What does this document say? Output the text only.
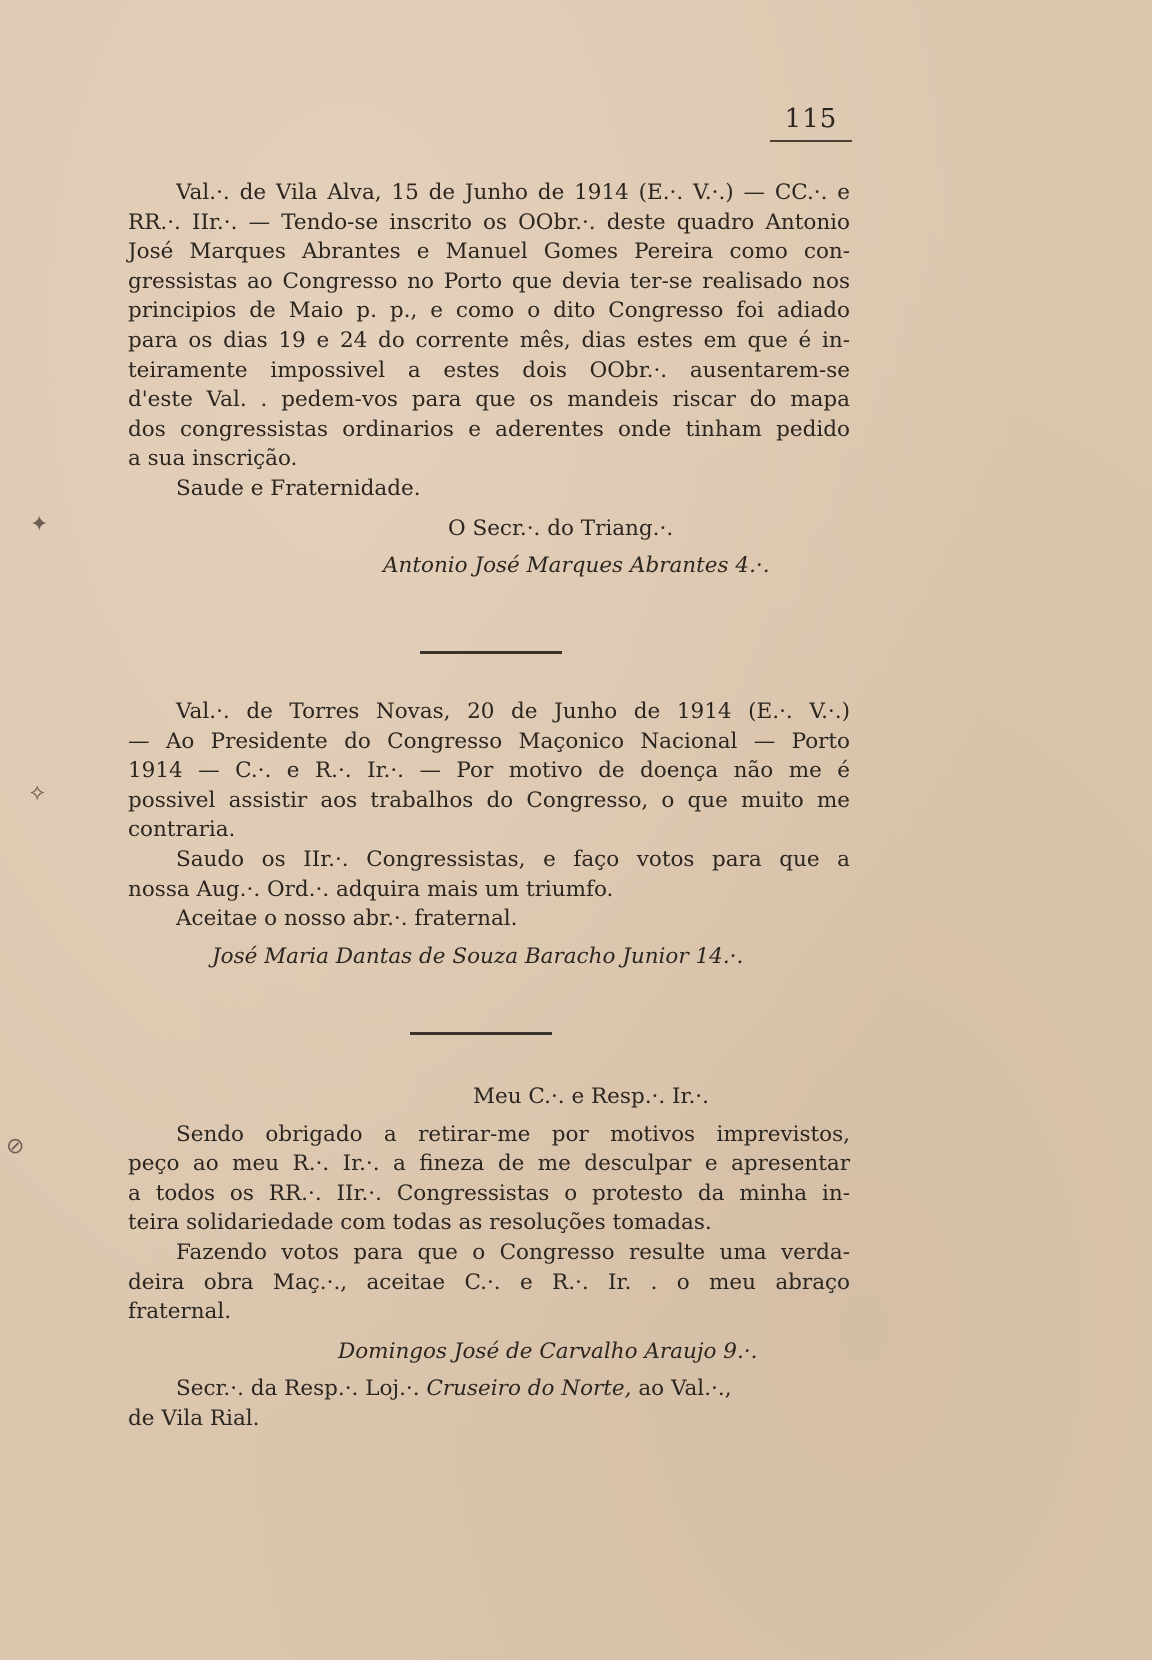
115
Val.·. de Vila Alva, 15 de Junho de 1914 (E.·. V.·.) — CC.·. e
RR.·. IIr.·. — Tendo-se inscrito os OObr.·. deste quadro Antonio
José Marques Abrantes e Manuel Gomes Pereira como con-
gressistas ao Congresso no Porto que devia ter-se realisado nos
principios de Maio p. p., e como o dito Congresso foi adiado
para os dias 19 e 24 do corrente mês, dias estes em que é in-
teiramente impossivel a estes dois OObr.·. ausentarem-se
d'este Val. . pedem-vos para que os mandeis riscar do mapa
dos congressistas ordinarios e aderentes onde tinham pedido
a sua inscrição.
Saude e Fraternidade.
O Secr.·. do Triang.·.
Antonio José Marques Abrantes 4.·.
Val.·. de Torres Novas, 20 de Junho de 1914 (E.·. V.·.)
— Ao Presidente do Congresso Maçonico Nacional — Porto
1914 — C.·. e R.·. Ir.·. — Por motivo de doença não me é
possivel assistir aos trabalhos do Congresso, o que muito me
contraria.
Saudo os IIr.·. Congressistas, e faço votos para que a
nossa Aug.·. Ord.·. adquira mais um triumfo.
Aceitae o nosso abr.·. fraternal.
José Maria Dantas de Souza Baracho Junior 14.·.
Meu C.·. e Resp.·. Ir.·.
Sendo obrigado a retirar-me por motivos imprevistos,
peço ao meu R.·. Ir.·. a fineza de me desculpar e apresentar
a todos os RR.·. IIr.·. Congressistas o protesto da minha in-
teira solidariedade com todas as resoluções tomadas.
Fazendo votos para que o Congresso resulte uma verda-
deira obra Maç.·., aceitae C.·. e R.·. Ir. . o meu abraço
fraternal.
Domingos José de Carvalho Araujo 9.·.
Secr.·. da Resp.·. Loj.·. Cruseiro do Norte, ao Val.·.,
de Vila Rial.
✦
⟡
⊘
